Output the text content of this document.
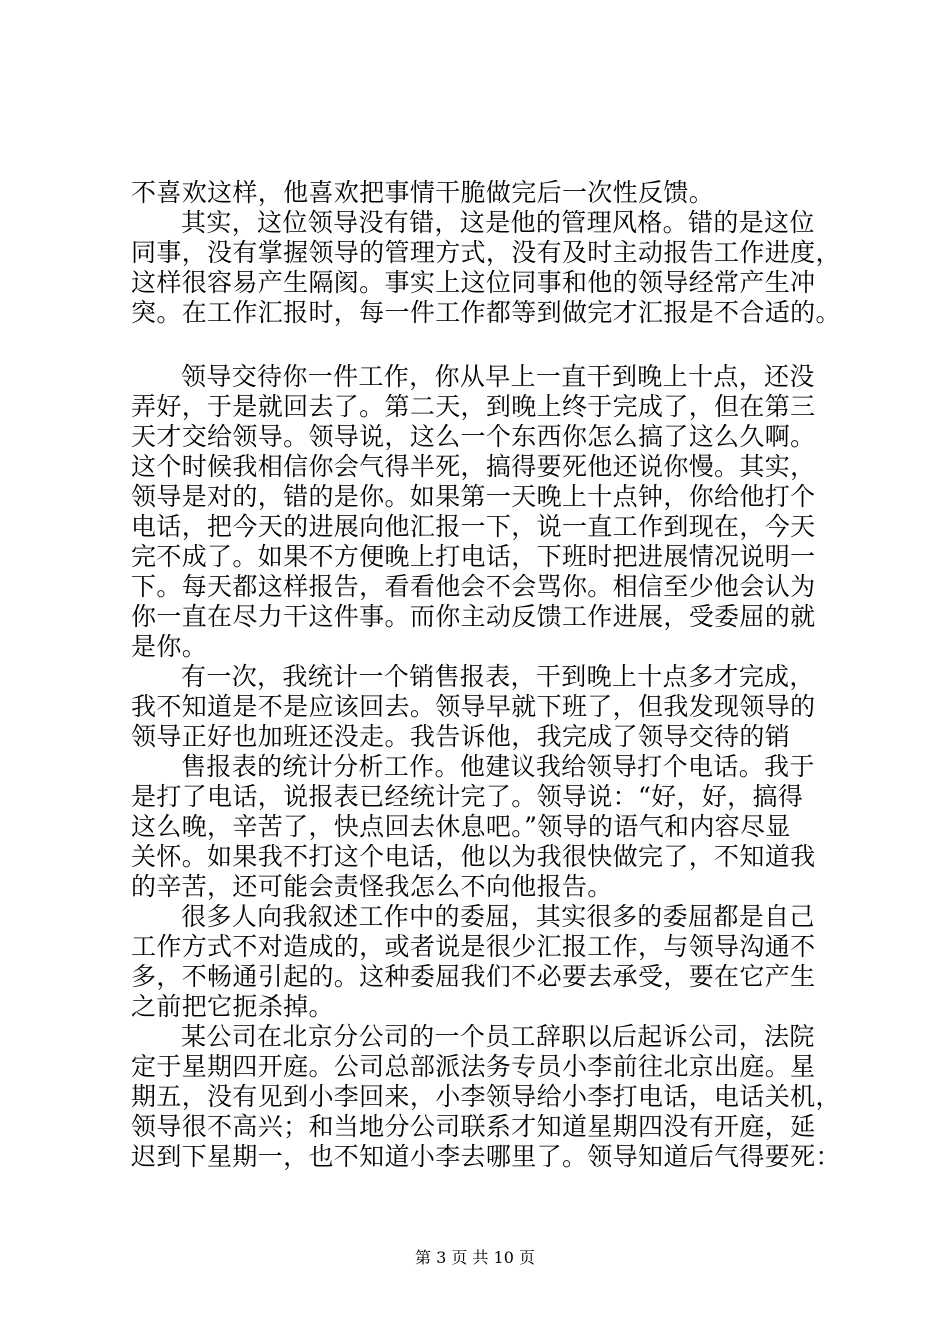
不喜欢这样，他喜欢把事情干脆做完后一次性反馈。
其实，这位领导没有错，这是他的管理风格。错的是这位
同事，没有掌握领导的管理方式，没有及时主动报告工作进度，
这样很容易产生隔阂。事实上这位同事和他的领导经常产生冲
突。在工作汇报时，每一件工作都等到做完才汇报是不合适的。
领导交待你一件工作，你从早上一直干到晚上十点，还没
弄好，于是就回去了。第二天，到晚上终于完成了，但在第三
天才交给领导。领导说，这么一个东西你怎么搞了这么久啊。
这个时候我相信你会气得半死，搞得要死他还说你慢。其实，
领导是对的，错的是你。如果第一天晚上十点钟，你给他打个
电话，把今天的进展向他汇报一下，说一直工作到现在，今天
完不成了。如果不方便晚上打电话，下班时把进展情况说明一
下。每天都这样报告，看看他会不会骂你。相信至少他会认为
你一直在尽力干这件事。而你主动反馈工作进展，受委屈的就
是你。
有一次，我统计一个销售报表，干到晚上十点多才完成，
我不知道是不是应该回去。领导早就下班了，但我发现领导的
领导正好也加班还没走。我告诉他，我完成了领导交待的销
售报表的统计分析工作。他建议我给领导打个电话。我于
是打了电话，说报表已经统计完了。领导说：“好，好，搞得
这么晚，辛苦了，快点回去休息吧。”领导的语气和内容尽显
关怀。如果我不打这个电话，他以为我很快做完了，不知道我
的辛苦，还可能会责怪我怎么不向他报告。
很多人向我叙述工作中的委屈，其实很多的委屈都是自己
工作方式不对造成的，或者说是很少汇报工作，与领导沟通不
多，不畅通引起的。这种委屈我们不必要去承受，要在它产生
之前把它扼杀掉。
某公司在北京分公司的一个员工辞职以后起诉公司，法院
定于星期四开庭。公司总部派法务专员小李前往北京出庭。星
期五，没有见到小李回来，小李领导给小李打电话，电话关机，
领导很不高兴；和当地分公司联系才知道星期四没有开庭，延
迟到下星期一，也不知道小李去哪里了。领导知道后气得要死：
第 3 页 共 10 页
